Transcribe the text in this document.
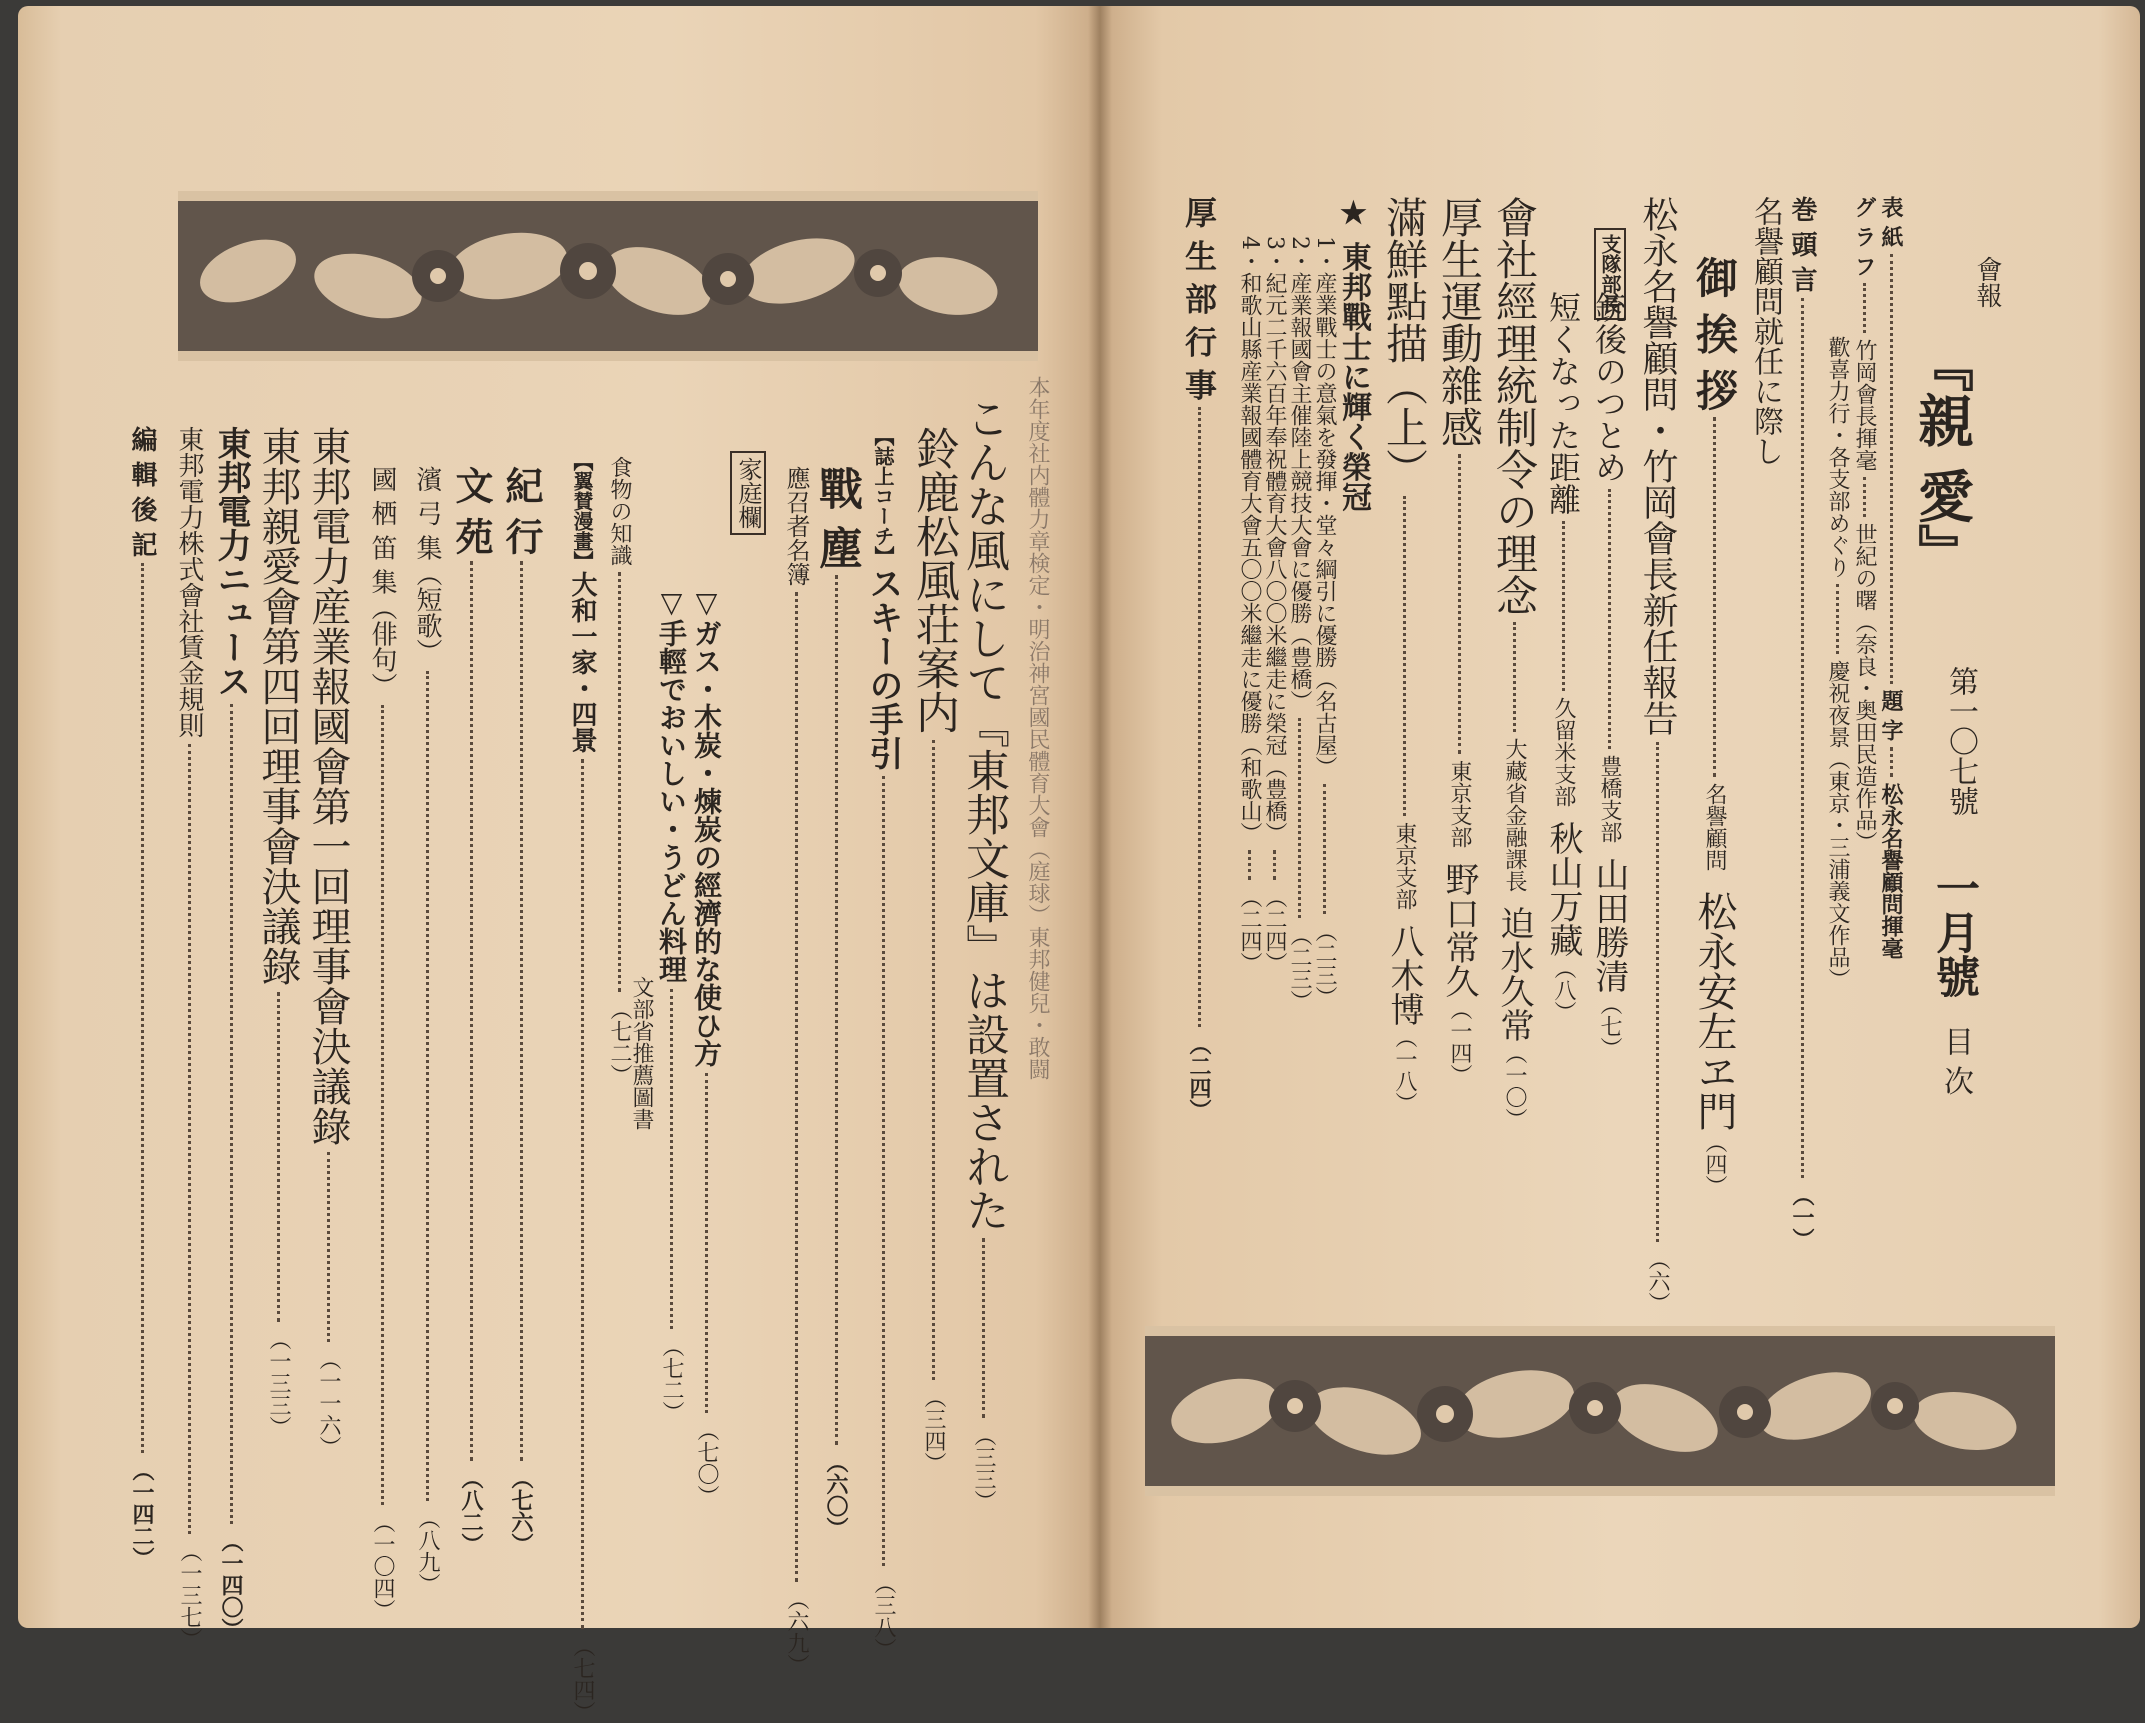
本年度社内體力章検定・明治神宮國民體育大會（庭球）東邦健兒・敢闘
こんな風にして『東邦文庫』は設置された（三三）
鈴鹿松風荘案内（三四）
【誌上コーチ】スキーの手引（三八）
戰 塵（六〇）
應召者名簿（六九）
家庭欄
▽ガス・木炭・煉炭の經濟的な使ひ方（七〇）
▽手輕でおいしい・うどん料理（七二）
文部省推薦圖書
食物の知識（七二）
【翼賛漫畫】大和一家・四景（七四）
紀 行（七六）
文 苑（八二）
濱 弓 集（短歌）（八九）
國 栖 笛 集（俳句）（一〇四）
東邦電力産業報國會第一回理事會決議錄（一一六）
東邦親愛會第四回理事會決議錄（一三三）
東邦電力ニュース（一四〇）
東邦電力株式會社賃金規則（一三七）
編 輯 後 記（一四二）
會報
『親 愛』
第一〇七號
一月號
目 次
表 紙題 字松永名譽顧問揮毫
グ ラ フ竹岡會長揮毫世紀の曙（奈良・奥田民造作品）
歡喜力行・各支部めぐり慶祝夜景（東京・三浦義文作品）
巻 頭 言（一）
名譽顧問就任に際し
御 挨 拶名譽顧問松永安左ヱ門（四）
松永名譽顧問・竹岡會長新任報告（六）
支隊部長
銃後のつとめ豊橋支部山田勝清（七）
短くなった距離久留米支部秋山万藏（八）
會社經理統制令の理念大藏省金融課長迫水久常（一〇）
厚生運動雜感東京支部野口常久（一四）
滿鮮點描（上）東京支部八木博（一八）
★ 東邦戰士に輝く榮冠
1・産業戰士の意氣を發揮・堂々綱引に優勝（名古屋）（二三）
2・産業報國會主催陸上競技大會に優勝（豊橋）（二三）
3・紀元二千六百年奉祝體育大會八〇〇米繼走に榮冠（豊橋）（二四）
4・和歌山縣産業報國體育大會五〇〇米繼走に優勝（和歌山）（二四）
厚 生 部 行 事（二四）
